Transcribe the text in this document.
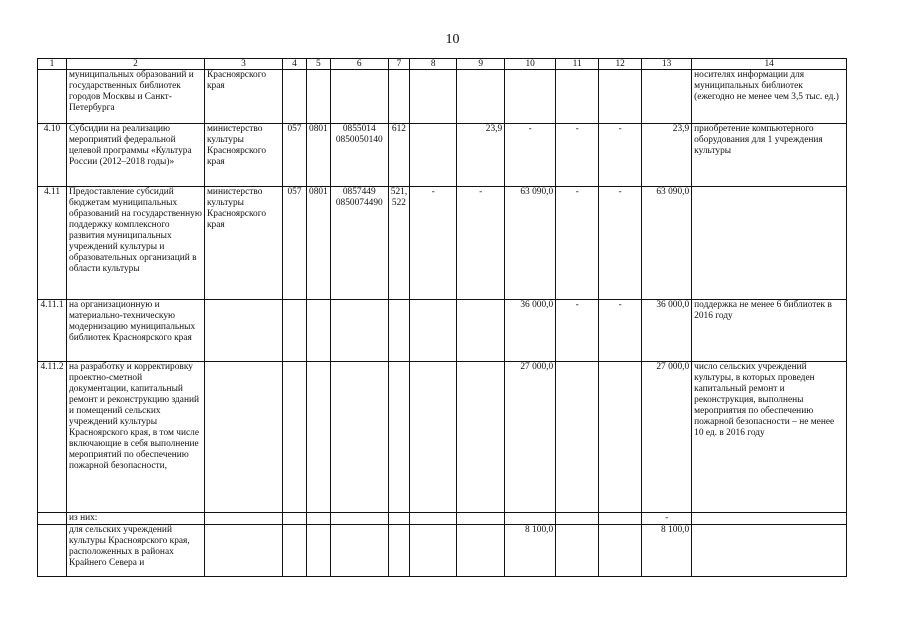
10
1	2	3	4	5	6	7	8	9	10	11	12	13	14
	муниципальных образований и государственных библиотек городов Москвы и Санкт-Петербурга	Красноярского края											носителях информации для муниципальных библиотек (ежегодно не менее чем 3,5 тыс. ед.)
4.10	Субсидии на реализацию мероприятий федеральной целевой программы «Культура России (2012–2018 годы)»	министерство культуры Красноярского края	057	0801	0855014 0850050140	612		23,9	-	-	-	23,9	приобретение компьютерного оборудования для 1 учреждения культуры
4.11	Предоставление субсидий бюджетам муниципальных образований на государственную поддержку комплексного развития муниципальных учреждений культуры и образовательных организаций в области культуры	министерство культуры Красноярского края	057	0801	0857449 0850074490	521, 522	-	-	63 090,0	-	-	63 090,0	
4.11.1	на организационную и материально-техническую модернизацию муниципальных библиотек Красноярского края								36 000,0	-	-	36 000,0	поддержка не менее 6 библиотек в 2016 году
4.11.2	на разработку и корректировку проектно-сметной документации, капитальный ремонт и реконструкцию зданий и помещений сельских учреждений культуры Красноярского края, в том числе включающие в себя выполнение мероприятий по обеспечению пожарной безопасности,								27 000,0			27 000,0	число сельских учреждений культуры, в которых проведен капитальный ремонт и реконструкция, выполнены мероприятия по обеспечению пожарной безопасности – не менее 10 ед. в 2016 году
	из них:											-	
	для сельских учреждений культуры Красноярского края, расположенных в районах Крайнего Севера и								8 100,0			8 100,0	
